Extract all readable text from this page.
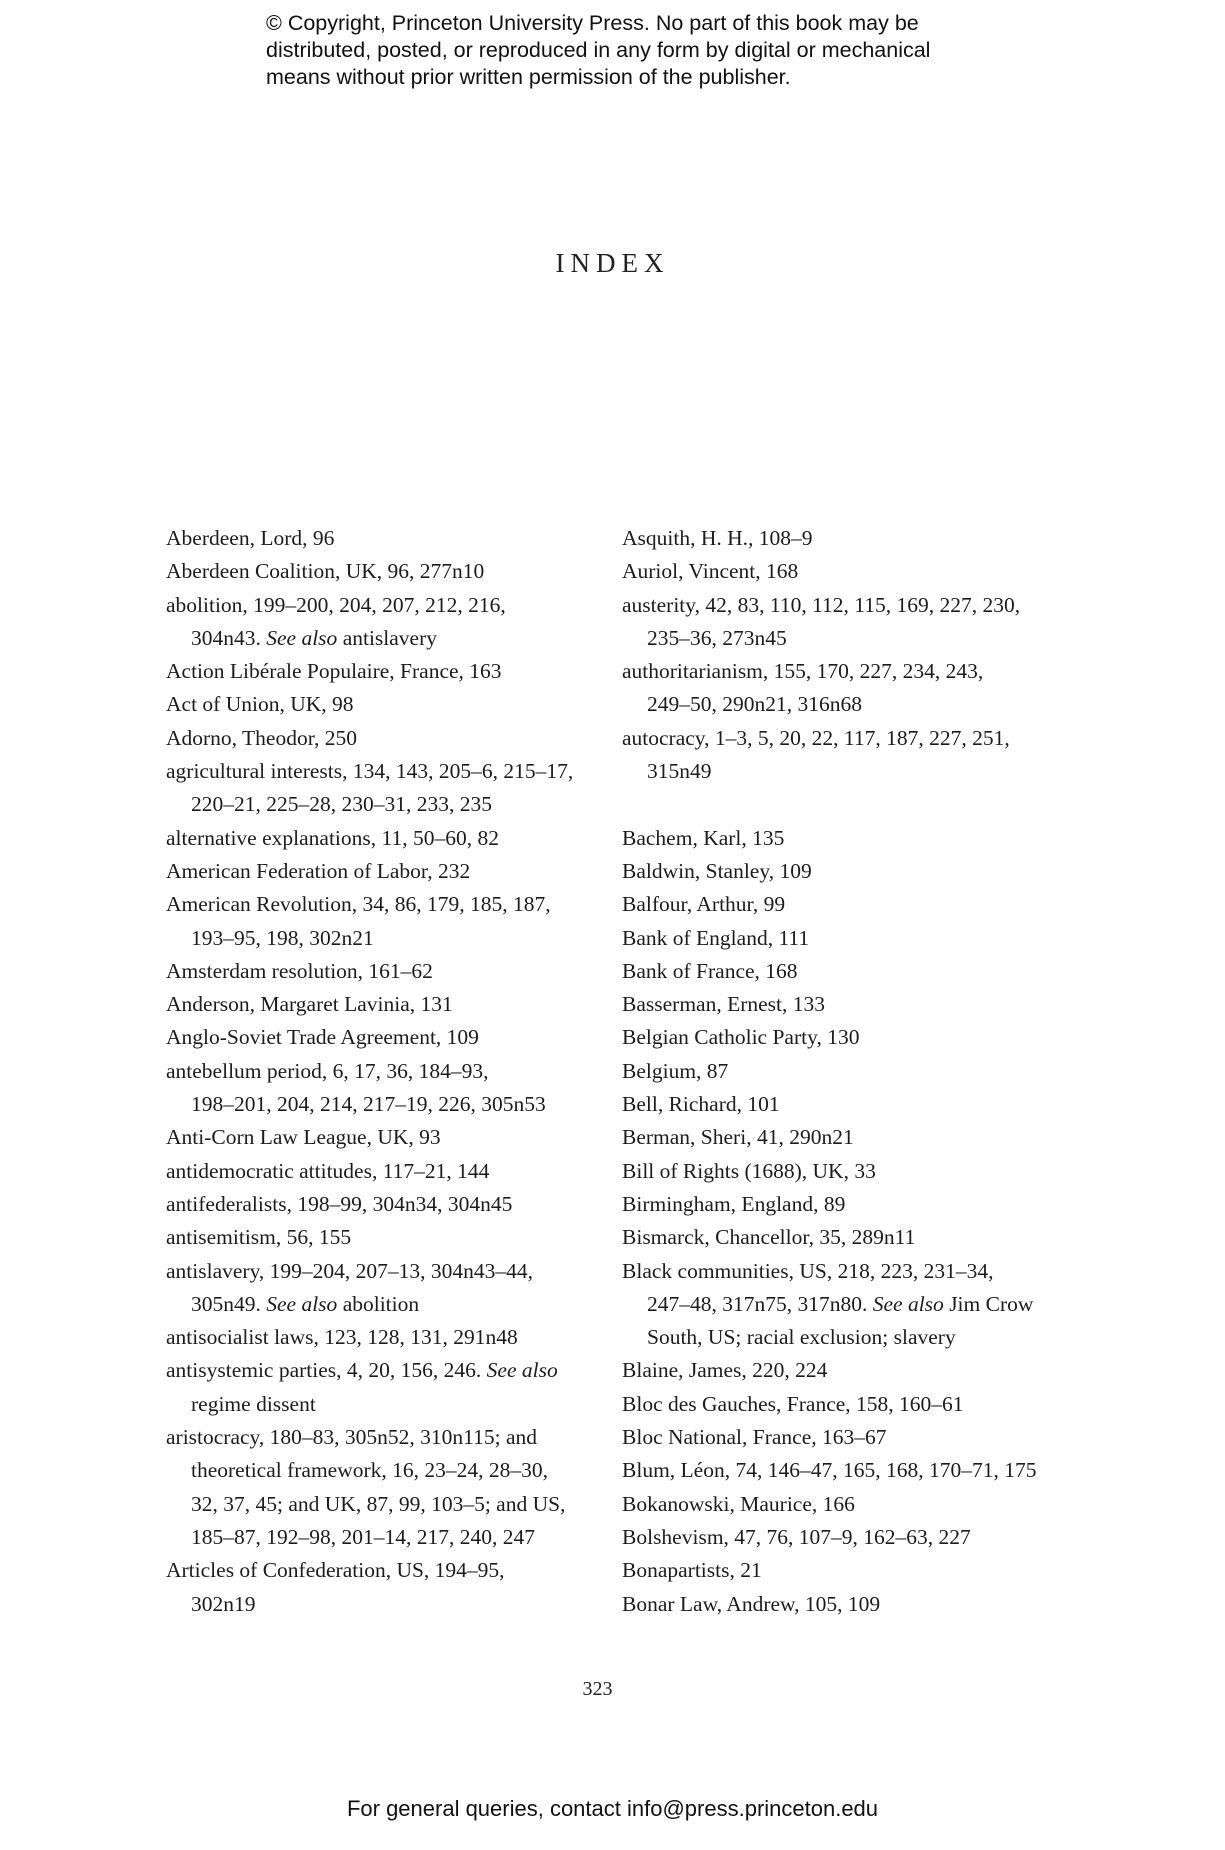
© Copyright, Princeton University Press. No part of this book may be
distributed, posted, or reproduced in any form by digital or mechanical
means without prior written permission of the publisher.
INDEX
Aberdeen, Lord, 96
Aberdeen Coalition, UK, 96, 277n10
abolition, 199–200, 204, 207, 212, 216,
304n43. See also antislavery
Action Libérale Populaire, France, 163
Act of Union, UK, 98
Adorno, Theodor, 250
agricultural interests, 134, 143, 205–6, 215–17,
220–21, 225–28, 230–31, 233, 235
alternative explanations, 11, 50–60, 82
American Federation of Labor, 232
American Revolution, 34, 86, 179, 185, 187,
193–95, 198, 302n21
Amsterdam resolution, 161–62
Anderson, Margaret Lavinia, 131
Anglo-Soviet Trade Agreement, 109
antebellum period, 6, 17, 36, 184–93,
198–201, 204, 214, 217–19, 226, 305n53
Anti-Corn Law League, UK, 93
antidemocratic attitudes, 117–21, 144
antifederalists, 198–99, 304n34, 304n45
antisemitism, 56, 155
antislavery, 199–204, 207–13, 304n43–44,
305n49. See also abolition
antisocialist laws, 123, 128, 131, 291n48
antisystemic parties, 4, 20, 156, 246. See also
regime dissent
aristocracy, 180–83, 305n52, 310n115; and
theoretical framework, 16, 23–24, 28–30,
32, 37, 45; and UK, 87, 99, 103–5; and US,
185–87, 192–98, 201–14, 217, 240, 247
Articles of Confederation, US, 194–95,
302n19
Asquith, H. H., 108–9
Auriol, Vincent, 168
austerity, 42, 83, 110, 112, 115, 169, 227, 230,
235–36, 273n45
authoritarianism, 155, 170, 227, 234, 243,
249–50, 290n21, 316n68
autocracy, 1–3, 5, 20, 22, 117, 187, 227, 251,
315n49
Bachem, Karl, 135
Baldwin, Stanley, 109
Balfour, Arthur, 99
Bank of England, 111
Bank of France, 168
Basserman, Ernest, 133
Belgian Catholic Party, 130
Belgium, 87
Bell, Richard, 101
Berman, Sheri, 41, 290n21
Bill of Rights (1688), UK, 33
Birmingham, England, 89
Bismarck, Chancellor, 35, 289n11
Black communities, US, 218, 223, 231–34,
247–48, 317n75, 317n80. See also Jim Crow
South, US; racial exclusion; slavery
Blaine, James, 220, 224
Bloc des Gauches, France, 158, 160–61
Bloc National, France, 163–67
Blum, Léon, 74, 146–47, 165, 168, 170–71, 175
Bokanowski, Maurice, 166
Bolshevism, 47, 76, 107–9, 162–63, 227
Bonapartists, 21
Bonar Law, Andrew, 105, 109
323
For general queries, contact info@press.princeton.edu
